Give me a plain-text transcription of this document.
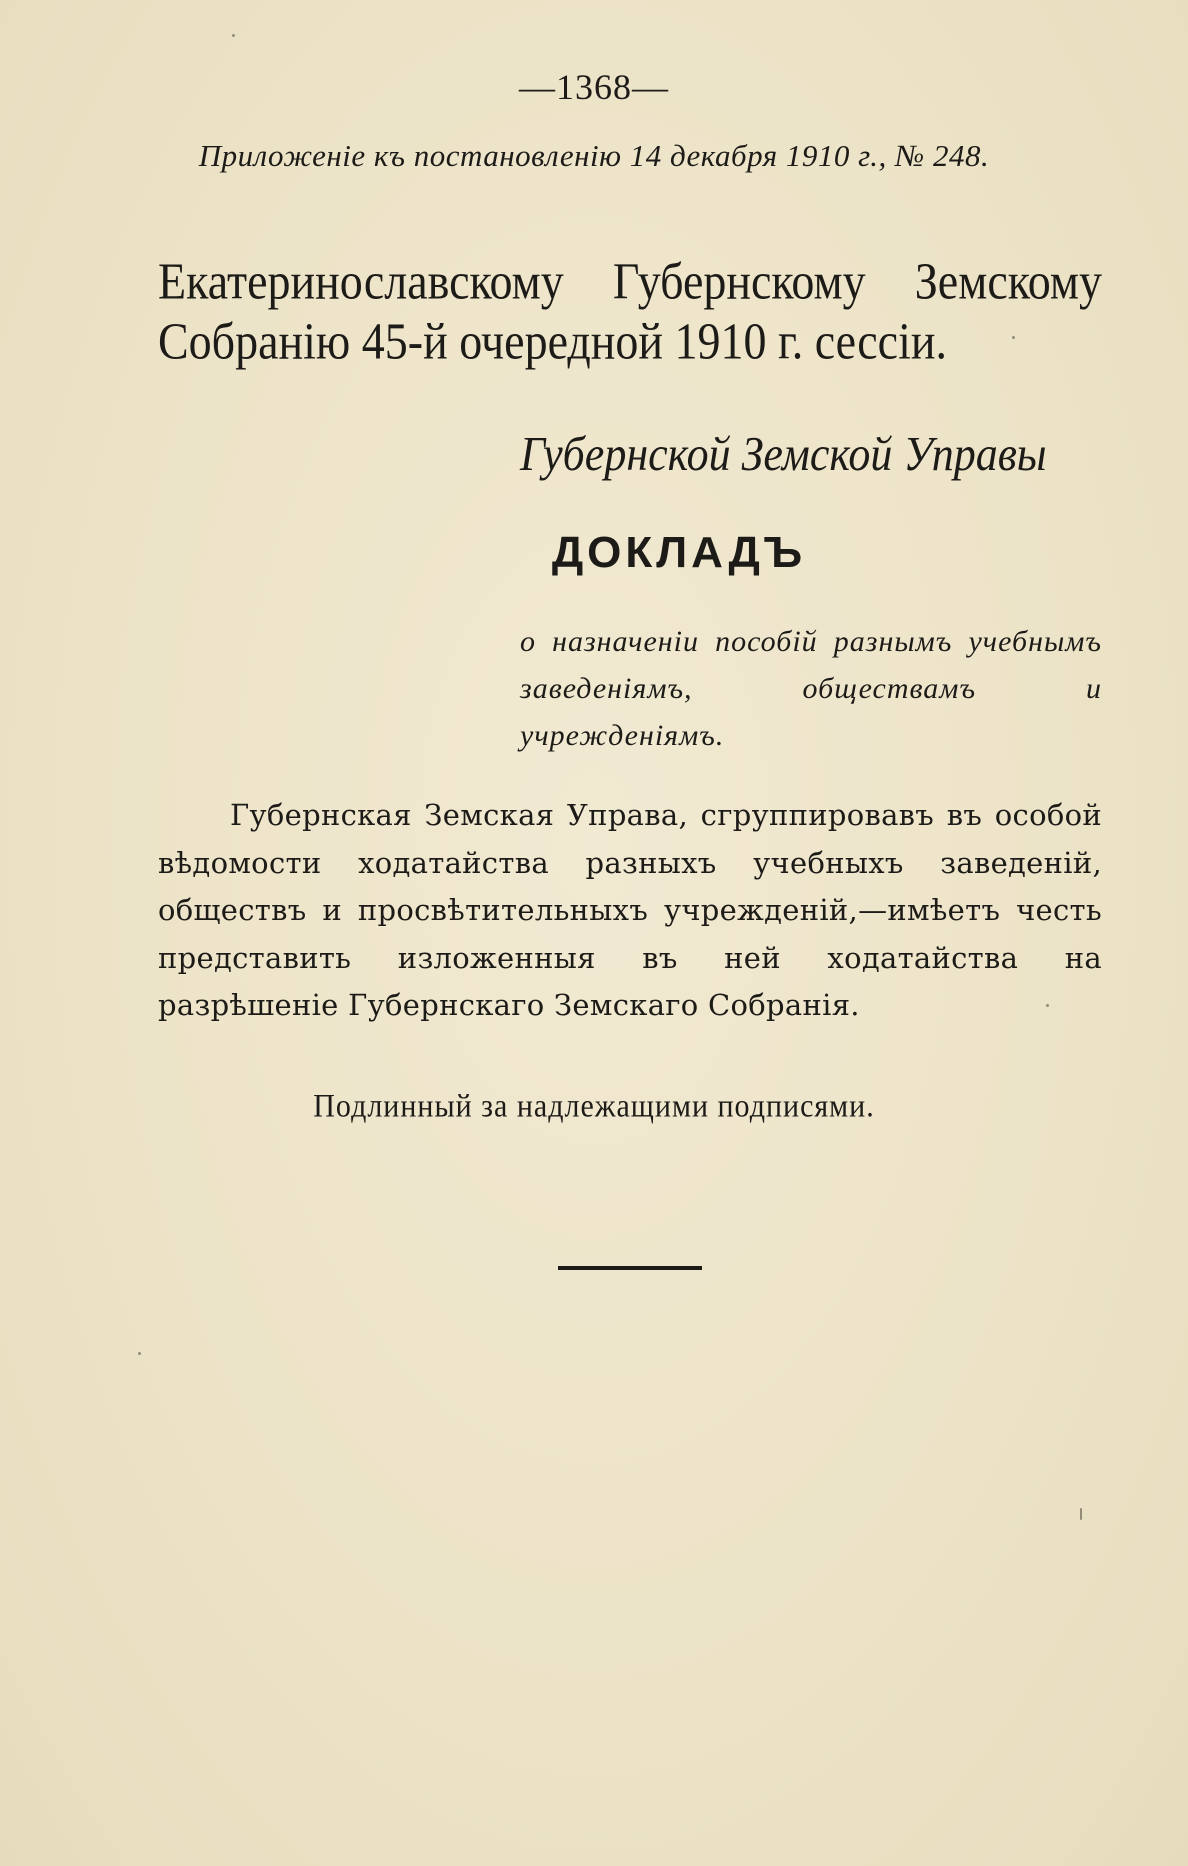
—1368—

Приложеніе къ постановленію 14 декабря 1910 г., № 248.

Екатеринославскому Губернскому Земскому

Собранію 45-й очередной 1910 г. сессіи.

Губернской Земской Управы

ДОКЛАДЪ

о назначеніи пособій разнымъ учебнымъ заведеніямъ, обществамъ и учрежденіямъ.

Губернская Земская Управа, сгруппировавъ въ особой вѣдомости ходатайства разныхъ учебныхъ заведеній, обществъ и просвѣтительныхъ учрежденій,—имѣетъ честь представить изложенныя въ ней ходатайства на разрѣшеніе Губернскаго Земскаго Собранія.

Подлинный за надлежащими подписями.
